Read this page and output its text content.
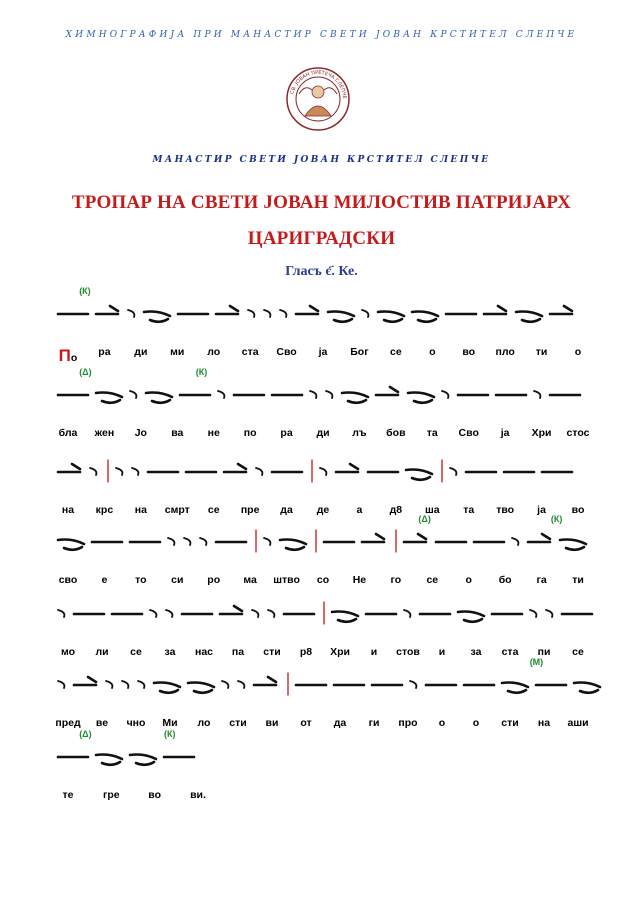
ХИМНОГРАФИЈА ПРИ МАНАСТИР СВЕТИ ЈОВАН КРСТИТЕЛ СЛЕПЧЕ
СВ. ЈОВАН ПРЕТЕЧА СЛЕПЧЕ
МАНАСТИР СВЕТИ ЈОВАН КРСТИТЕЛ СЛЕПЧЕ
ТРОПАР НА СВЕТИ ЈОВАН МИЛОСТИВ ПАТРИЈАРХ
ЦАРИГРАДСКИ
Гласъ є҃. Ке.
(К)
По ра ди ми ло ста Сво ја Бог се	о	во пло ти	о
(Δ)	(К)
бла жен Јо ва не по ра ди лъ бов та Сво ја Хри стос
на крс на смрт се пре да де	а	д8 ша та тво ја во
(Δ)	(К)
сво е	то си ро ма штво со Не го се	о	бо га ти
мо ли се за нас па сти р8 Хри и стов и за ста пи се
(М)
пред ве чно Ми ло сти ви от да ги про о	о сти на аши
(Δ)	(К)
те	гре	во	ви.
